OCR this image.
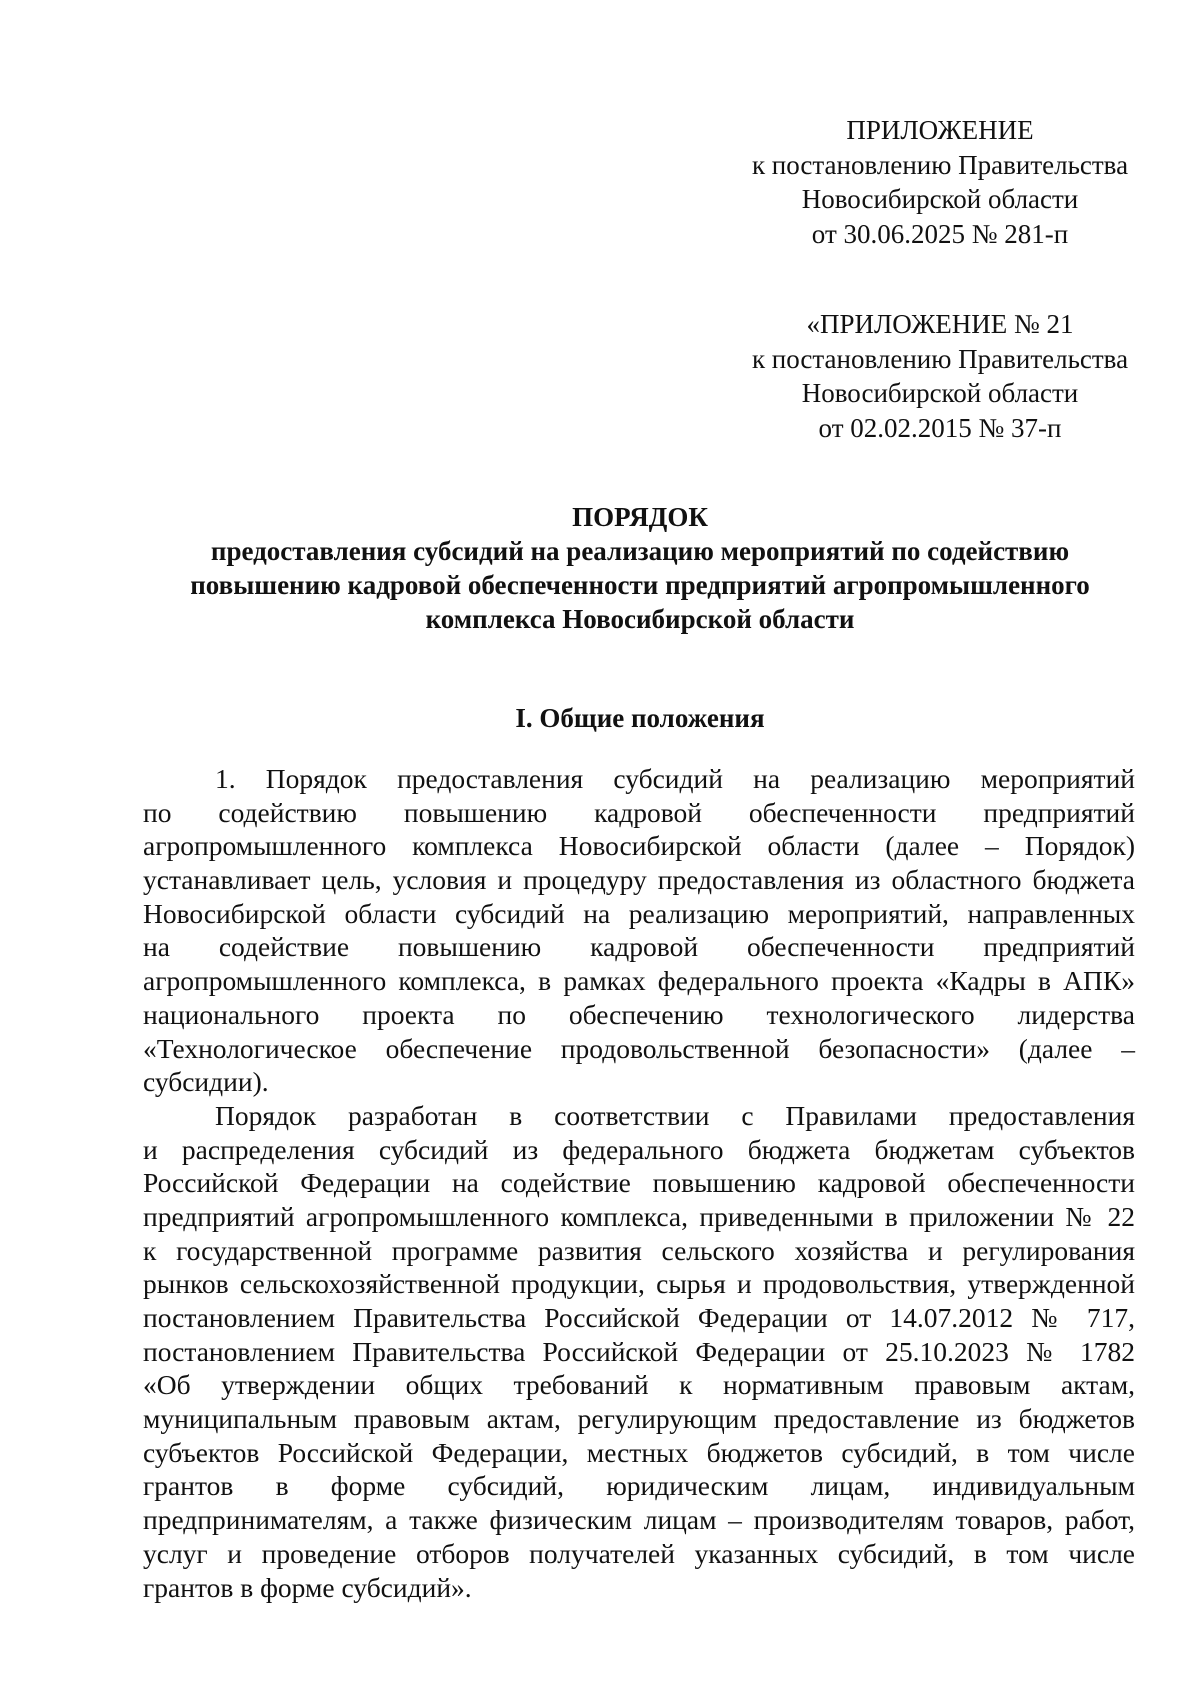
ПРИЛОЖЕНИЕ
к постановлению Правительства
Новосибирской области
от 30.06.2025 № 281-п
«ПРИЛОЖЕНИЕ № 21
к постановлению Правительства
Новосибирской области
от 02.02.2015 № 37-п
ПОРЯДОК
предоставления субсидий на реализацию мероприятий по содействию
повышению кадровой обеспеченности предприятий агропромышленного
комплекса Новосибирской области
I. Общие положения
1. Порядок предоставления субсидий на реализацию мероприятий
по содействию повышению кадровой обеспеченности предприятий
агропромышленного комплекса Новосибирской области (далее – Порядок)
устанавливает цель, условия и процедуру предоставления из областного бюджета
Новосибирской области субсидий на реализацию мероприятий, направленных
на содействие повышению кадровой обеспеченности предприятий
агропромышленного комплекса, в рамках федерального проекта «Кадры в АПК»
национального проекта по обеспечению технологического лидерства
«Технологическое обеспечение продовольственной безопасности» (далее –
субсидии).
Порядок разработан в соответствии с Правилами предоставления
и распределения субсидий из федерального бюджета бюджетам субъектов
Российской Федерации на содействие повышению кадровой обеспеченности
предприятий агропромышленного комплекса, приведенными в приложении № 22
к государственной программе развития сельского хозяйства и регулирования
рынков сельскохозяйственной продукции, сырья и продовольствия, утвержденной
постановлением Правительства Российской Федерации от 14.07.2012 № 717,
постановлением Правительства Российской Федерации от 25.10.2023 № 1782
«Об утверждении общих требований к нормативным правовым актам,
муниципальным правовым актам, регулирующим предоставление из бюджетов
субъектов Российской Федерации, местных бюджетов субсидий, в том числе
грантов в форме субсидий, юридическим лицам, индивидуальным
предпринимателям, а также физическим лицам – производителям товаров, работ,
услуг и проведение отборов получателей указанных субсидий, в том числе
грантов в форме субсидий».
